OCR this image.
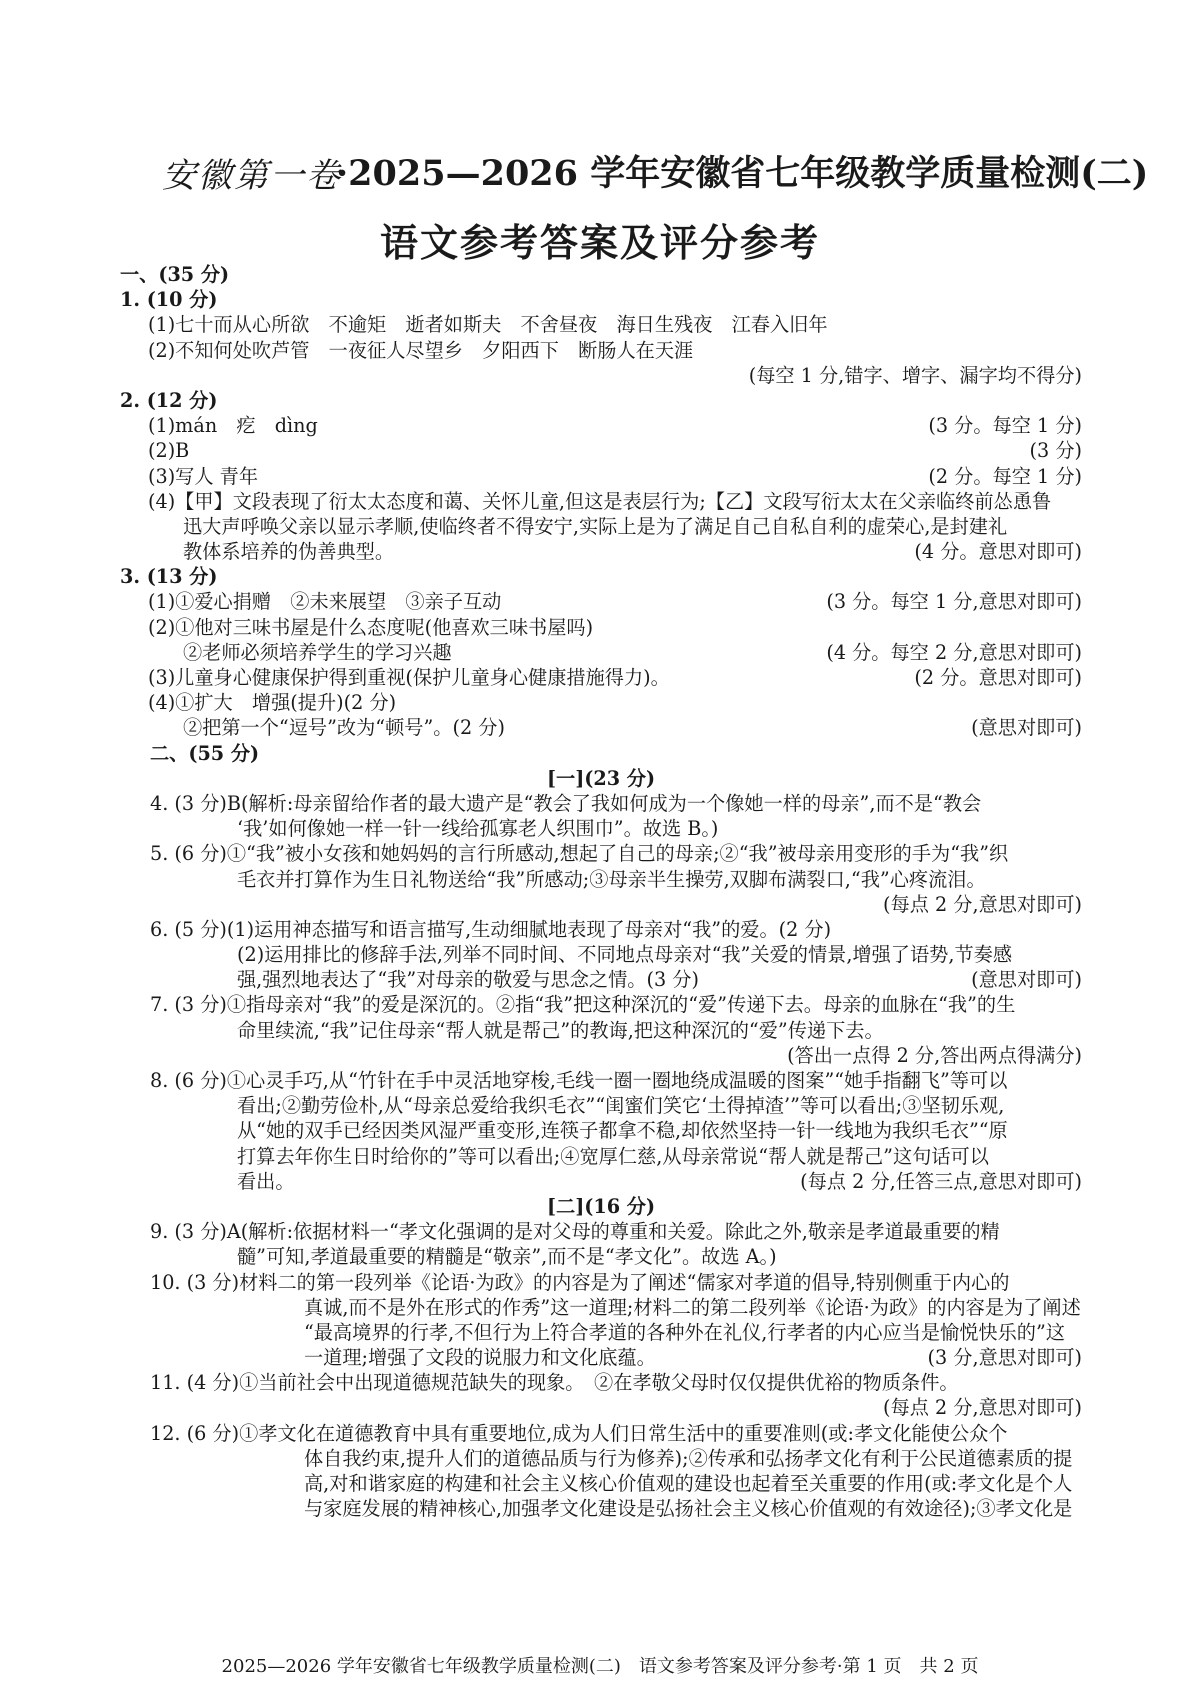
安徽第一卷
·2025—2026 学年安徽省七年级教学质量检测(二)
语文参考答案及评分参考
一、(35 分)
1. (10 分)
(1)七十而从心所欲　不逾矩　逝者如斯夫　不舍昼夜　海日生残夜　江春入旧年
(2)不知何处吹芦管　一夜征人尽望乡　夕阳西下　断肠人在天涯
(每空 1 分,错字、增字、漏字均不得分)
2. (12 分)
(1)mán　疙　dìng	(3 分。每空 1 分)
(2)B	(3 分)
(3)写人 青年	(2 分。每空 1 分)
(4)【甲】文段表现了衍太太态度和蔼、关怀儿童,但这是表层行为;【乙】文段写衍太太在父亲临终前怂恿鲁
迅大声呼唤父亲以显示孝顺,使临终者不得安宁,实际上是为了满足自己自私自利的虚荣心,是封建礼
教体系培养的伪善典型。	(4 分。意思对即可)
3. (13 分)
(1)①爱心捐赠　②未来展望　③亲子互动	(3 分。每空 1 分,意思对即可)
(2)①他对三味书屋是什么态度呢(他喜欢三味书屋吗)
②老师必须培养学生的学习兴趣	(4 分。每空 2 分,意思对即可)
(3)儿童身心健康保护得到重视(保护儿童身心健康措施得力)。	(2 分。意思对即可)
(4)①扩大　增强(提升)(2 分)
②把第一个“逗号”改为“顿号”。(2 分)	(意思对即可)
二、(55 分)
[一](23 分)
4. (3 分)B(解析:母亲留给作者的最大遗产是“教会了我如何成为一个像她一样的母亲”,而不是“教会
‘我’如何像她一样一针一线给孤寡老人织围巾”。故选 B。)
5. (6 分)①“我”被小女孩和她妈妈的言行所感动,想起了自己的母亲;②“我”被母亲用变形的手为“我”织
毛衣并打算作为生日礼物送给“我”所感动;③母亲半生操劳,双脚布满裂口,“我”心疼流泪。
(每点 2 分,意思对即可)
6. (5 分)(1)运用神态描写和语言描写,生动细腻地表现了母亲对“我”的爱。(2 分)
(2)运用排比的修辞手法,列举不同时间、不同地点母亲对“我”关爱的情景,增强了语势,节奏感
强,强烈地表达了“我”对母亲的敬爱与思念之情。(3 分)	(意思对即可)
7. (3 分)①指母亲对“我”的爱是深沉的。②指“我”把这种深沉的“爱”传递下去。母亲的血脉在“我”的生
命里续流,“我”记住母亲“帮人就是帮己”的教诲,把这种深沉的“爱”传递下去。
(答出一点得 2 分,答出两点得满分)
8. (6 分)①心灵手巧,从“竹针在手中灵活地穿梭,毛线一圈一圈地绕成温暖的图案”“她手指翻飞”等可以
看出;②勤劳俭朴,从“母亲总爱给我织毛衣”“闺蜜们笑它‘土得掉渣’”等可以看出;③坚韧乐观,
从“她的双手已经因类风湿严重变形,连筷子都拿不稳,却依然坚持一针一线地为我织毛衣”“原
打算去年你生日时给你的”等可以看出;④宽厚仁慈,从母亲常说“帮人就是帮己”这句话可以
看出。	(每点 2 分,任答三点,意思对即可)
[二](16 分)
9. (3 分)A(解析:依据材料一“孝文化强调的是对父母的尊重和关爱。除此之外,敬亲是孝道最重要的精
髓”可知,孝道最重要的精髓是“敬亲”,而不是“孝文化”。故选 A。)
10. (3 分)材料二的第一段列举《论语·为政》的内容是为了阐述“儒家对孝道的倡导,特别侧重于内心的
真诚,而不是外在形式的作秀”这一道理;材料二的第二段列举《论语·为政》的内容是为了阐述
“最高境界的行孝,不但行为上符合孝道的各种外在礼仪,行孝者的内心应当是愉悦快乐的”这
一道理;增强了文段的说服力和文化底蕴。	(3 分,意思对即可)
11. (4 分)①当前社会中出现道德规范缺失的现象。　②在孝敬父母时仅仅提供优裕的物质条件。
(每点 2 分,意思对即可)
12. (6 分)①孝文化在道德教育中具有重要地位,成为人们日常生活中的重要准则(或:孝文化能使公众个
体自我约束,提升人们的道德品质与行为修养);②传承和弘扬孝文化有利于公民道德素质的提
高,对和谐家庭的构建和社会主义核心价值观的建设也起着至关重要的作用(或:孝文化是个人
与家庭发展的精神核心,加强孝文化建设是弘扬社会主义核心价值观的有效途径);③孝文化是
2025—2026 学年安徽省七年级教学质量检测(二)　语文参考答案及评分参考·第 1 页　共 2 页
